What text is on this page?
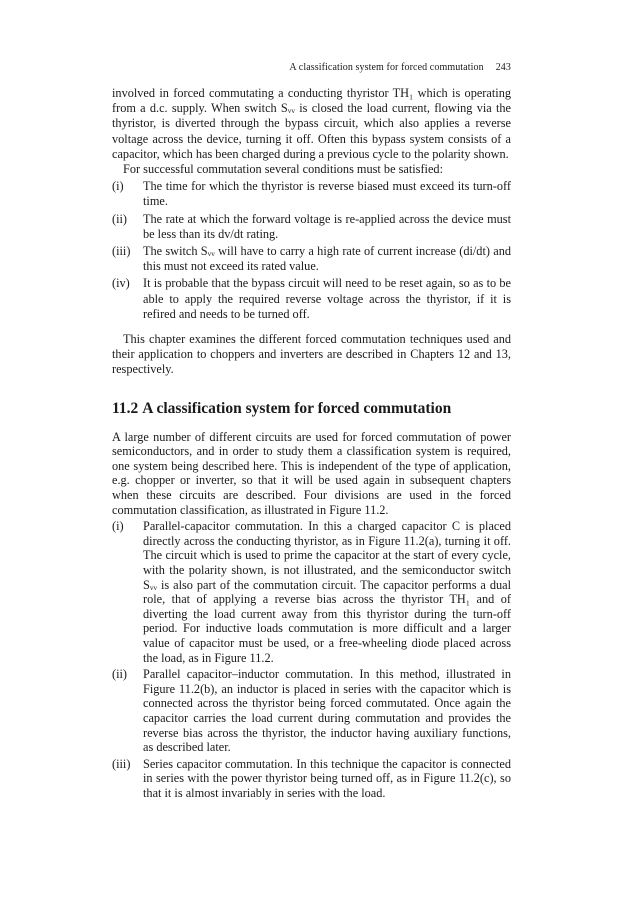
A classification system for forced commutation 243

involved in forced commutating a conducting thyristor TH₁ which is operating from a d.c. supply. When switch Sᵥᵥ is closed the load current, flowing via the thyristor, is diverted through the bypass circuit, which also applies a reverse voltage across the device, turning it off. Often this bypass system consists of a capacitor, which has been charged during a previous cycle to the polarity shown.

For successful commutation several conditions must be satisfied:

(i) The time for which the thyristor is reverse biased must exceed its turn-off time.
(ii) The rate at which the forward voltage is re-applied across the device must be less than its dv/dt rating.
(iii) The switch Sᵥᵥ will have to carry a high rate of current increase (di/dt) and this must not exceed its rated value.
(iv) It is probable that the bypass circuit will need to be reset again, so as to be able to apply the required reverse voltage across the thyristor, if it is refired and needs to be turned off.

This chapter examines the different forced commutation techniques used and their application to choppers and inverters are described in Chapters 12 and 13, respectively.

11.2 A classification system for forced commutation

A large number of different circuits are used for forced commutation of power semiconductors, and in order to study them a classification system is required, one system being described here. This is independent of the type of application, e.g. chopper or inverter, so that it will be used again in subsequent chapters when these circuits are described. Four divisions are used in the forced commutation classification, as illustrated in Figure 11.2.

(i) Parallel-capacitor commutation. In this a charged capacitor C is placed directly across the conducting thyristor, as in Figure 11.2(a), turning it off. The circuit which is used to prime the capacitor at the start of every cycle, with the polarity shown, is not illustrated, and the semiconductor switch Sᵥᵥ is also part of the commutation circuit. The capacitor performs a dual role, that of applying a reverse bias across the thyristor TH₁ and of diverting the load current away from this thyristor during the turn-off period. For inductive loads commutation is more difficult and a larger value of capacitor must be used, or a free-wheeling diode placed across the load, as in Figure 11.2.
(ii) Parallel capacitor–inductor commutation. In this method, illustrated in Figure 11.2(b), an inductor is placed in series with the capacitor which is connected across the thyristor being forced commutated. Once again the capacitor carries the load current during commutation and provides the reverse bias across the thyristor, the inductor having auxiliary functions, as described later.
(iii) Series capacitor commutation. In this technique the capacitor is connected in series with the power thyristor being turned off, as in Figure 11.2(c), so that it is almost invariably in series with the load.
